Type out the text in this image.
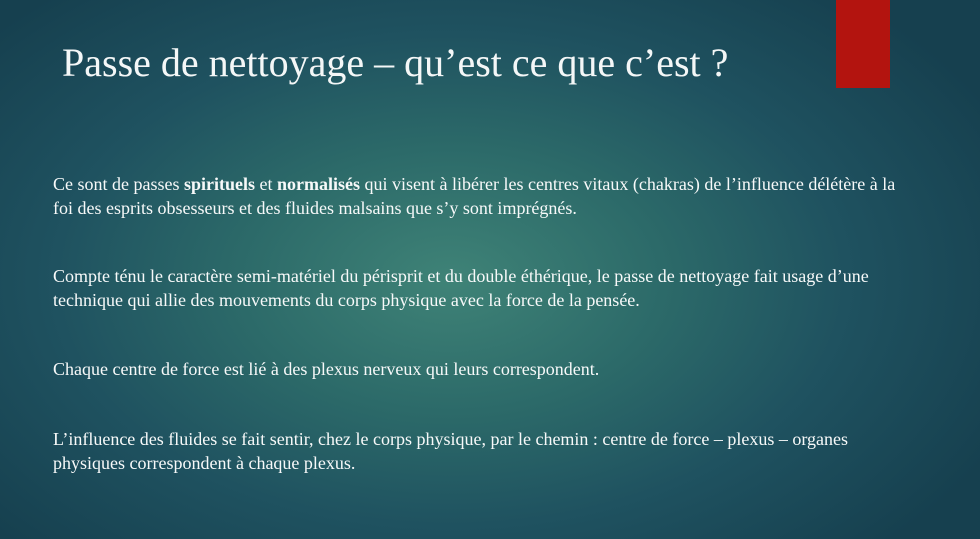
Passe de nettoyage – qu’est ce que c’est ?

Ce sont de passes spirituels et normalisés qui visent à libérer les centres vitaux (chakras) de l’influence délétère à la foi des esprits obsesseurs et des fluides malsains que s’y sont imprégnés.

Compte ténu le caractère semi-matériel du périsprit et du double éthérique, le passe de nettoyage fait usage d’une technique qui allie des mouvements du corps physique avec la force de la pensée.

Chaque centre de force est lié à des plexus nerveux qui leurs correspondent.

L’influence des fluides se fait sentir, chez le corps physique, par le chemin : centre de force – plexus – organes physiques correspondent à chaque plexus.
